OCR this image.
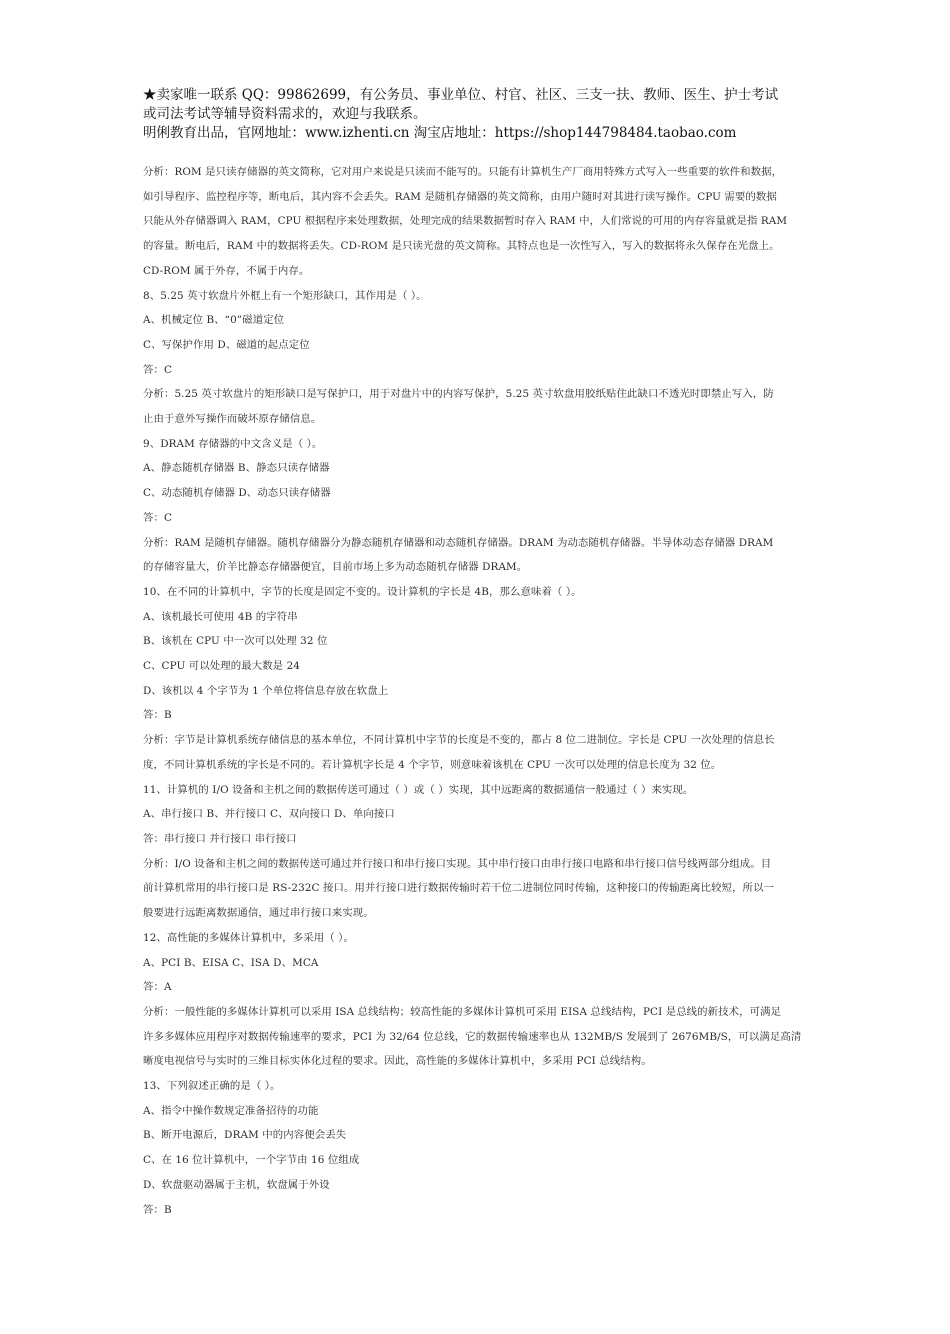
★卖家唯一联系 QQ：99862699，有公务员、事业单位、村官、社区、三支一扶、教师、医生、护士考试
或司法考试等辅导资料需求的，欢迎与我联系。
明俐教育出品，官网地址：www.izhenti.cn 淘宝店地址：https://shop144798484.taobao.com

分析：ROM 是只读存储器的英文简称，它对用户来说是只读而不能写的。只能有计算机生产厂商用特殊方式写入一些重要的软件和数据，
如引导程序、监控程序等，断电后，其内容不会丢失。RAM 是随机存储器的英文简称，由用户随时对其进行读写操作。CPU 需要的数据
只能从外存储器调入 RAM，CPU 根据程序来处理数据，处理完成的结果数据暂时存入 RAM 中，人们常说的可用的内存容量就是指 RAM
的容量。断电后，RAM 中的数据将丢失。CD-ROM 是只读光盘的英文简称。其特点也是一次性写入，写入的数据将永久保存在光盘上。
CD-ROM 属于外存，不属于内存。

8、5.25 英寸软盘片外框上有一个矩形缺口，其作用是（ ）。

A、机械定位 B、“0”磁道定位

C、写保护作用 D、磁道的起点定位

答：C

分析：5.25 英寸软盘片的矩形缺口是写保护口，用于对盘片中的内容写保护，5.25 英寸软盘用胶纸贴住此缺口不透光时即禁止写入，防
止由于意外写操作而破坏原存储信息。

9、DRAM 存储器的中文含义是（ ）。

A、静态随机存储器 B、静态只读存储器

C、动态随机存储器 D、动态只读存储器

答：C

分析：RAM 是随机存储器。随机存储器分为静态随机存储器和动态随机存储器。DRAM 为动态随机存储器。半导体动态存储器 DRAM
的存储容量大，价羊比静态存储器便宜，目前市场上多为动态随机存储器 DRAM。

10、在不同的计算机中，字节的长度是固定不变的。设计算机的字长是 4B，那么意味着（ ）。

A、该机最长可使用 4B 的字符串

B、该机在 CPU 中一次可以处理 32 位

C、CPU 可以处理的最大数是 24

D、该机以 4 个字节为 1 个单位将信息存放在软盘上

答：B

分析：字节是计算机系统存储信息的基本单位，不同计算机中字节的长度是不变的，都占 8 位二进制位。字长是 CPU 一次处理的信息长
度，不同计算机系统的字长是不同的。若计算机字长是 4 个字节，则意味着该机在 CPU 一次可以处理的信息长度为 32 位。

11、计算机的 I/O 设备和主机之间的数据传送可通过（ ）或（ ）实现，其中远距离的数据通信一般通过（ ）来实现。

A、串行接口 B、并行接口 C、双向接口 D、单向接口

答：串行接口 并行接口 串行接口

分析：I/O 设备和主机之间的数据传送可通过并行接口和串行接口实现。其中串行接口由串行接口电路和串行接口信号线两部分组成。目
前计算机常用的串行接口是 RS-232C 接口。用并行接口进行数据传输时若干位二进制位同时传输，这种接口的传输距离比较短，所以一
般要进行远距离数据通信，通过串行接口来实现。

12、高性能的多媒体计算机中，多采用（ ）。

A、PCI B、EISA C、ISA D、MCA

答：A

分析：一般性能的多媒体计算机可以采用 ISA 总线结构；较高性能的多媒体计算机可采用 EISA 总线结构，PCI 是总线的新技术，可满足
许多多媒体应用程序对数据传输速率的要求，PCI 为 32/64 位总线，它的数据传输速率也从 132MB/S 发展到了 2676MB/S，可以满足高清
晰度电视信号与实时的三维目标实体化过程的要求。因此，高性能的多媒体计算机中，多采用 PCI 总线结构。

13、下列叙述正确的是（ ）。

A、指令中操作数规定准备招待的功能

B、断开电源后，DRAM 中的内容便会丢失

C、在 16 位计算机中，一个字节由 16 位组成

D、软盘驱动器属于主机，软盘属于外设

答：B
